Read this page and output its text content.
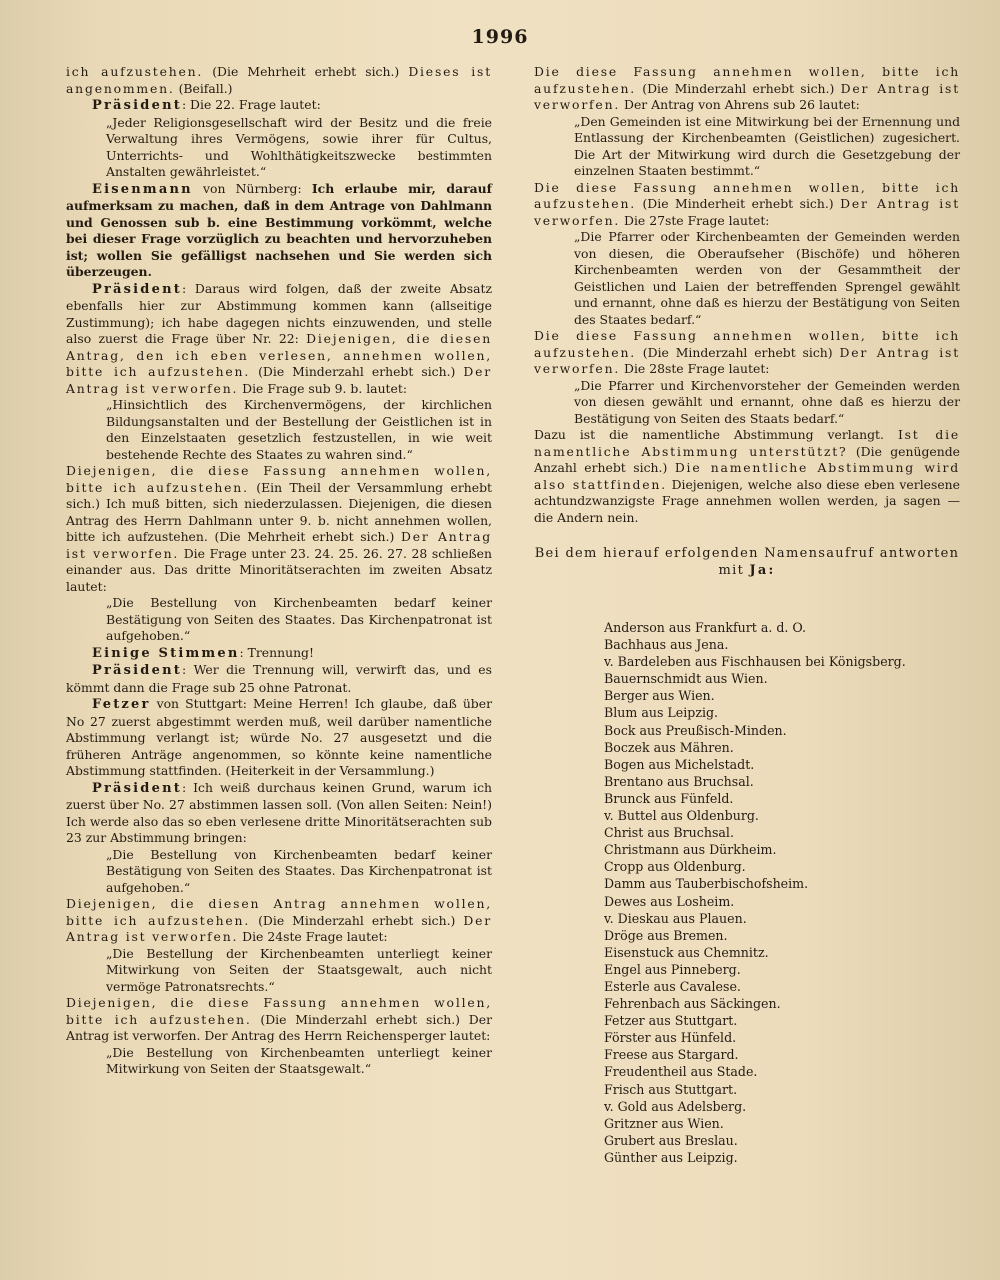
1996

ich aufzustehen. (Die Mehrheit erhebt sich.) Dieses ist angenommen. (Beifall.)

Präsident: Die 22. Frage lautet:

„Jeder Religionsgesellschaft wird der Besitz und die freie Verwaltung ihres Vermögens, sowie ihrer für Cultus, Unterrichts- und Wohlthätigkeitszwecke bestimmten Anstalten gewährleistet.“

Eisenmann von Nürnberg: Ich erlaube mir, darauf aufmerksam zu machen, daß in dem Antrage von Dahlmann und Genossen sub b. eine Bestimmung vorkömmt, welche bei dieser Frage vorzüglich zu beachten und hervorzuheben ist; wollen Sie gefälligst nachsehen und Sie werden sich überzeugen.

Präsident: Daraus wird folgen, daß der zweite Absatz ebenfalls hier zur Abstimmung kommen kann (allseitige Zustimmung); ich habe dagegen nichts einzuwenden, und stelle also zuerst die Frage über Nr. 22: Diejenigen, die diesen Antrag, den ich eben verlesen, annehmen wollen, bitte ich aufzustehen. (Die Minderzahl erhebt sich.) Der Antrag ist verworfen. Die Frage sub 9. b. lautet:

„Hinsichtlich des Kirchenvermögens, der kirchlichen Bildungsanstalten und der Bestellung der Geistlichen ist in den Einzelstaaten gesetzlich festzustellen, in wie weit bestehende Rechte des Staates zu wahren sind.“

Diejenigen, die diese Fassung annehmen wollen, bitte ich aufzustehen. (Ein Theil der Versammlung erhebt sich.) Ich muß bitten, sich niederzulassen. Diejenigen, die diesen Antrag des Herrn Dahlmann unter 9. b. nicht annehmen wollen, bitte ich aufzustehen. (Die Mehrheit erhebt sich.) Der Antrag ist verworfen. Die Frage unter 23. 24. 25. 26. 27. 28 schließen einander aus. Das dritte Minoritätserachten im zweiten Absatz lautet:

„Die Bestellung von Kirchenbeamten bedarf keiner Bestätigung von Seiten des Staates. Das Kirchenpatronat ist aufgehoben.“

Einige Stimmen: Trennung!

Präsident: Wer die Trennung will, verwirft das, und es kömmt dann die Frage sub 25 ohne Patronat.

Fetzer von Stuttgart: Meine Herren! Ich glaube, daß über No 27 zuerst abgestimmt werden muß, weil darüber namentliche Abstimmung verlangt ist; würde No. 27 ausgesetzt und die früheren Anträge angenommen, so könnte keine namentliche Abstimmung stattfinden. (Heiterkeit in der Versammlung.)

Präsident: Ich weiß durchaus keinen Grund, warum ich zuerst über No. 27 abstimmen lassen soll. (Von allen Seiten: Nein!) Ich werde also das so eben verlesene dritte Minoritätserachten sub 23 zur Abstimmung bringen:

„Die Bestellung von Kirchenbeamten bedarf keiner Bestätigung von Seiten des Staates. Das Kirchenpatronat ist aufgehoben.“

Diejenigen, die diesen Antrag annehmen wollen, bitte ich aufzustehen. (Die Minderzahl erhebt sich.) Der Antrag ist verworfen. Die 24ste Frage lautet:

„Die Bestellung der Kirchenbeamten unterliegt keiner Mitwirkung von Seiten der Staatsgewalt, auch nicht vermöge Patronatsrechts.“

Diejenigen, die diese Fassung annehmen wollen, bitte ich aufzustehen. (Die Minderzahl erhebt sich.) Der Antrag ist verworfen. Der Antrag des Herrn Reichensperger lautet:

„Die Bestellung von Kirchenbeamten unterliegt keiner Mitwirkung von Seiten der Staatsgewalt.“

Die diese Fassung annehmen wollen, bitte ich aufzustehen. (Die Minderzahl erhebt sich.) Der Antrag ist verworfen. Der Antrag von Ahrens sub 26 lautet:

„Den Gemeinden ist eine Mitwirkung bei der Ernennung und Entlassung der Kirchenbeamten (Geistlichen) zugesichert. Die Art der Mitwirkung wird durch die Gesetzgebung der einzelnen Staaten bestimmt.“

Die diese Fassung annehmen wollen, bitte ich aufzustehen. (Die Minderheit erhebt sich.) Der Antrag ist verworfen. Die 27ste Frage lautet:

„Die Pfarrer oder Kirchenbeamten der Gemeinden werden von diesen, die Oberaufseher (Bischöfe) und höheren Kirchenbeamten werden von der Gesammtheit der Geistlichen und Laien der betreffenden Sprengel gewählt und ernannt, ohne daß es hierzu der Bestätigung von Seiten des Staates bedarf.“

Die diese Fassung annehmen wollen, bitte ich aufzustehen. (Die Minderzahl erhebt sich) Der Antrag ist verworfen. Die 28ste Frage lautet:

„Die Pfarrer und Kirchenvorsteher der Gemeinden werden von diesen gewählt und ernannt, ohne daß es hierzu der Bestätigung von Seiten des Staats bedarf.“

Dazu ist die namentliche Abstimmung verlangt. Ist die namentliche Abstimmung unterstützt? (Die genügende Anzahl erhebt sich.) Die namentliche Abstimmung wird also stattfinden. Diejenigen, welche also diese eben verlesene achtundzwanzigste Frage annehmen wollen werden, ja sagen — die Andern nein.

Bei dem hierauf erfolgenden Namensaufruf antworten mit Ja:

Anderson aus Frankfurt a. d. O.
Bachhaus aus Jena.
v. Bardeleben aus Fischhausen bei Königsberg.
Bauernschmidt aus Wien.
Berger aus Wien.
Blum aus Leipzig.
Bock aus Preußisch-Minden.
Boczek aus Mähren.
Bogen aus Michelstadt.
Brentano aus Bruchsal.
Brunck aus Fünfeld.
v. Buttel aus Oldenburg.
Christ aus Bruchsal.
Christmann aus Dürkheim.
Cropp aus Oldenburg.
Damm aus Tauberbischofsheim.
Dewes aus Losheim.
v. Dieskau aus Plauen.
Dröge aus Bremen.
Eisenstuck aus Chemnitz.
Engel aus Pinneberg.
Esterle aus Cavalese.
Fehrenbach aus Säckingen.
Fetzer aus Stuttgart.
Förster aus Hünfeld.
Freese aus Stargard.
Freudentheil aus Stade.
Frisch aus Stuttgart.
v. Gold aus Adelsberg.
Gritzner aus Wien.
Grubert aus Breslau.
Günther aus Leipzig.
